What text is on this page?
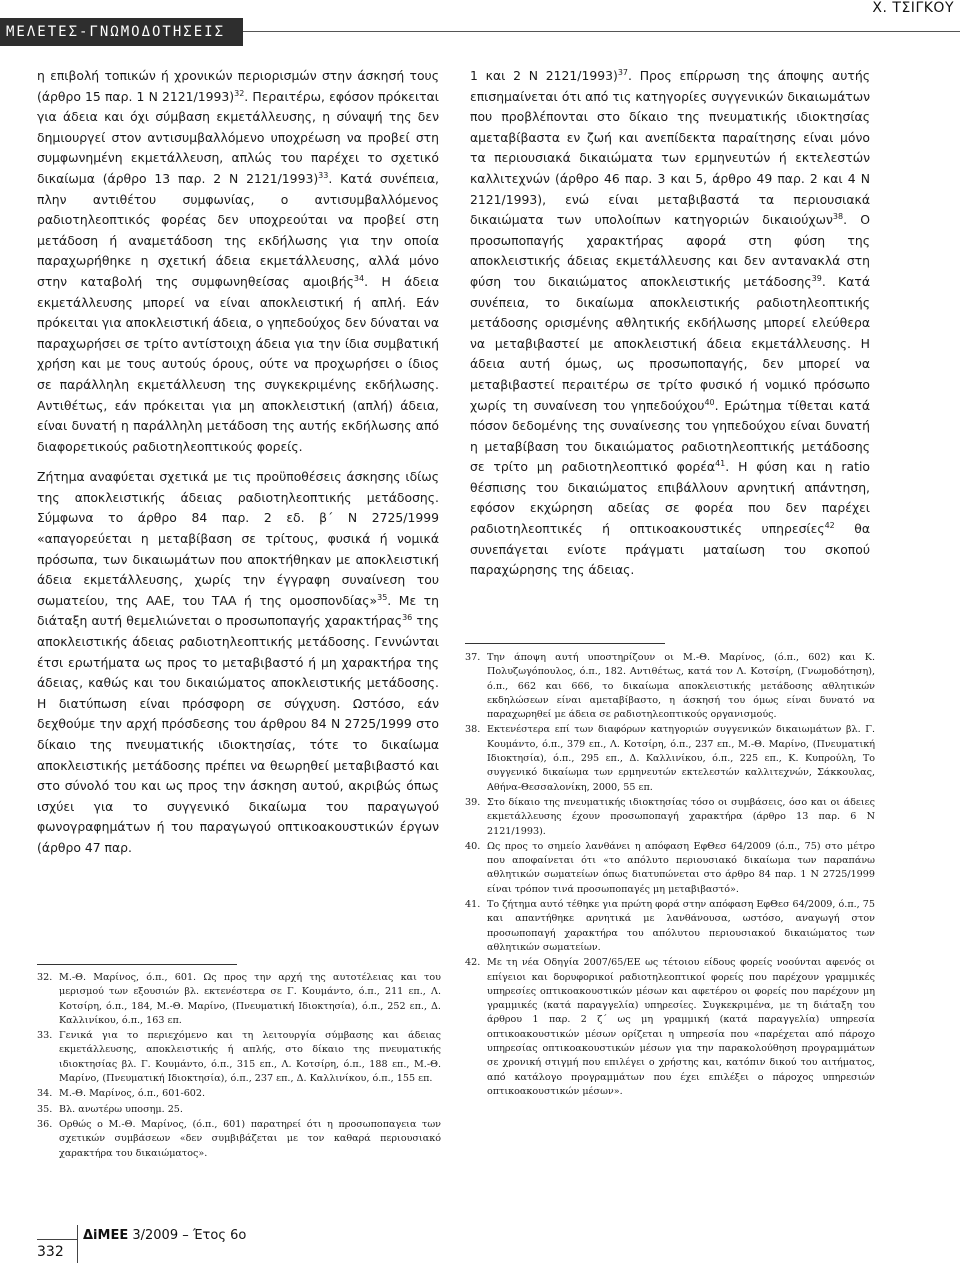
ΜΕΛΕΤΕΣ-ΓΝΩΜΟΔΟΤΗΣΕΙΣ
Χ. ΤΣΙΓΚΟΥ

η επιβολή τοπικών ή χρονικών περιορισμών στην άσκησή τους (άρθρο 15 παρ. 1 Ν 2121/1993)$^{32}$. Περαιτέρω, εφόσον πρόκειται για άδεια και όχι σύμβαση εκμετάλλευσης, η σύναψή της δεν δημιουργεί στον αντισυμβαλλόμενο υποχρέωση να προβεί στη συμφωνημένη εκμετάλλευση, απλώς του παρέχει το σχετικό δικαίωμα (άρθρο 13 παρ. 2 Ν 2121/1993)$^{33}$. Κατά συνέπεια, πλην αντιθέτου συμφωνίας, ο αντισυμβαλλόμενος ραδιοτηλεοπτικός φορέας δεν υποχρεούται να προβεί στη μετάδοση ή αναμετάδοση της εκδήλωσης για την οποία παραχωρήθηκε η σχετική άδεια εκμετάλλευσης, αλλά μόνο στην καταβολή της συμφωνηθείσας αμοιβής$^{34}$. Η άδεια εκμετάλλευσης μπορεί να είναι αποκλειστική ή απλή. Εάν πρόκειται για αποκλειστική άδεια, ο γηπεδούχος δεν δύναται να παραχωρήσει σε τρίτο αντίστοιχη άδεια για την ίδια συμβατική χρήση και με τους αυτούς όρους, ούτε να προχωρήσει ο ίδιος σε παράλληλη εκμετάλλευση της συγκεκριμένης εκδήλωσης. Αντιθέτως, εάν πρόκειται για μη αποκλειστική (απλή) άδεια, είναι δυνατή η παράλληλη μετάδοση της αυτής εκδήλωσης από διαφορετικούς ραδιοτηλεοπτικούς φορείς.

Ζήτημα αναφύεται σχετικά με τις προϋποθέσεις άσκησης ιδίως της αποκλειστικής άδειας ραδιοτηλεοπτικής μετάδοσης. Σύμφωνα το άρθρο 84 παρ. 2 εδ. β΄ Ν 2725/1999 «απαγορεύεται η μεταβίβαση σε τρίτους, φυσικά ή νομικά πρόσωπα, των δικαιωμάτων που αποκτήθηκαν με αποκλειστική άδεια εκμετάλλευσης, χωρίς την έγγραφη συναίνεση του σωματείου, της ΑΑΕ, του ΤΑΑ ή της ομοσπονδίας»$^{35}$. Με τη διάταξη αυτή θεμελιώνεται ο προσωποπαγής χαρακτήρας$^{36}$ της αποκλειστικής άδειας ραδιοτηλεοπτικής μετάδοσης. Γεννώνται έτσι ερωτήματα ως προς το μεταβιβαστό ή μη χαρακτήρα της άδειας, καθώς και του δικαιώματος αποκλειστικής μετάδοσης. Η διατύπωση είναι πρόσφορη σε σύγχυση. Ωστόσο, εάν δεχθούμε την αρχή πρόσδεσης του άρθρου 84 Ν 2725/1999 στο δίκαιο της πνευματικής ιδιοκτησίας, τότε το δικαίωμα αποκλειστικής μετάδοσης πρέπει να θεωρηθεί μεταβιβαστό και στο σύνολό του και ως προς την άσκηση αυτού, ακριβώς όπως ισχύει για το συγγενικό δικαίωμα του παραγωγού φωνογραφημάτων ή του παραγωγού οπτικοακουστικών έργων (άρθρο 47 παρ.

1 και 2 Ν 2121/1993)$^{37}$. Προς επίρρωση της άποψης αυτής επισημαίνεται ότι από τις κατηγορίες συγγενικών δικαιωμάτων που προβλέπονται στο δίκαιο της πνευματικής ιδιοκτησίας αμεταβίβαστα εν ζωή και ανεπίδεκτα παραίτησης είναι μόνο τα περιουσιακά δικαιώματα των ερμηνευτών ή εκτελεστών καλλιτεχνών (άρθρο 46 παρ. 3 και 5, άρθρο 49 παρ. 2 και 4 Ν 2121/1993), ενώ είναι μεταβιβαστά τα περιουσιακά δικαιώματα των υπολοίπων κατηγοριών δικαιούχων$^{38}$. Ο προσωποπαγής χαρακτήρας αφορά στη φύση της αποκλειστικής άδειας εκμετάλλευσης και δεν αντανακλά στη φύση του δικαιώματος αποκλειστικής μετάδοσης$^{39}$. Κατά συνέπεια, το δικαίωμα αποκλειστικής ραδιοτηλεοπτικής μετάδοσης ορισμένης αθλητικής εκδήλωσης μπορεί ελεύθερα να μεταβιβαστεί με αποκλειστική άδεια εκμετάλλευσης. Η άδεια αυτή όμως, ως προσωποπαγής, δεν μπορεί να μεταβιβαστεί περαιτέρω σε τρίτο φυσικό ή νομικό πρόσωπο χωρίς τη συναίνεση του γηπεδούχου$^{40}$. Ερώτημα τίθεται κατά πόσον δεδομένης της συναίνεσης του γηπεδούχου είναι δυνατή η μεταβίβαση του δικαιώματος ραδιοτηλεοπτικής μετάδοσης σε τρίτο μη ραδιοτηλεοπτικό φορέα$^{41}$. Η φύση και η ratio θέσπισης του δικαιώματος επιβάλλουν αρνητική απάντηση, εφόσον εκχώρηση αδείας σε φορέα που δεν παρέχει ραδιοτηλεοπτικές ή οπτικοακουστικές υπηρεσίες$^{42}$ θα συνεπάγεται ενίοτε πράγματι ματαίωση του σκοπού παραχώρησης της άδειας.

32. Μ.-Θ. Μαρίνος, ό.π., 601. Ως προς την αρχή της αυτοτέλειας και του μερισμού των εξουσιών βλ. εκτενέστερα σε Γ. Κουμάντο, ό.π., 211 επ., Λ. Κοτσίρη, ό.π., 184, Μ.-Θ. Μαρίνο, (Πνευματική Ιδιοκτησία), ό.π., 252 επ., Δ. Καλλινίκου, ό.π., 163 επ.
33. Γενικά για το περιεχόμενο και τη λειτουργία σύμβασης και άδειας εκμετάλλευσης, αποκλειστικής ή απλής, στο δίκαιο της πνευματικής ιδιοκτησίας βλ. Γ. Κουμάντο, ό.π., 315 επ., Λ. Κοτσίρη, ό.π., 188 επ., Μ.-Θ. Μαρίνο, (Πνευματική Ιδιοκτησία), ό.π., 237 επ., Δ. Καλλινίκου, ό.π., 155 επ.
34. Μ.-Θ. Μαρίνος, ό.π., 601-602.
35. Βλ. ανωτέρω υποσημ. 25.
36. Ορθώς ο Μ.-Θ. Μαρίνος, (ό.π., 601) παρατηρεί ότι η προσωποπαγεια των σχετικών συμβάσεων «δεν συμβιβάζεται με τον καθαρά περιουσιακό χαρακτήρα του δικαιώματος».
37. Την άποψη αυτή υποστηρίζουν οι Μ.-Θ. Μαρίνος, (ό.π., 602) και Κ. Πολυζωγόπουλος, ό.π., 182. Αντιθέτως, κατά τον Λ. Κοτσίρη, (Γνωμοδότηση), ό.π., 662 και 666, το δικαίωμα αποκλειστικής μετάδοσης αθλητικών εκδηλώσεων είναι αμεταβίβαστο, η άσκησή του όμως είναι δυνατό να παραχωρηθεί με άδεια σε ραδιοτηλεοπτικούς οργανισμούς.
38. Εκτενέστερα επί των διαφόρων κατηγοριών συγγενικών δικαιωμάτων βλ. Γ. Κουμάντο, ό.π., 379 επ., Λ. Κοτσίρη, ό.π., 237 επ., Μ.-Θ. Μαρίνο, (Πνευματική Ιδιοκτησία), ό.π., 295 επ., Δ. Καλλινίκου, ό.π., 225 επ., Κ. Κυπρούλη, Το συγγενικό δικαίωμα των ερμηνευτών εκτελεστών καλλιτεχνών, Σάκκουλας, Αθήνα-Θεσσαλονίκη, 2000, 55 επ.
39. Στο δίκαιο της πνευματικής ιδιοκτησίας τόσο οι συμβάσεις, όσο και οι άδειες εκμετάλλευσης έχουν προσωποπαγή χαρακτήρα (άρθρο 13 παρ. 6 Ν 2121/1993).
40. Ως προς το σημείο λανθάνει η απόφαση ΕφΘεσ 64/2009 (ό.π., 75) στο μέτρο που αποφαίνεται ότι «το απόλυτο περιουσιακό δικαίωμα των παραπάνω αθλητικών σωματείων όπως διατυπώνεται στο άρθρο 84 παρ. 1 Ν 2725/1999 είναι τρόπον τινά προσωποπαγές μη μεταβιβαστό».
41. Το ζήτημα αυτό τέθηκε για πρώτη φορά στην απόφαση ΕφΘεσ 64/2009, ό.π., 75 και απαντήθηκε αρνητικά με λανθάνουσα, ωστόσο, αναγωγή στον προσωποπαγή χαρακτήρα του απόλυτου περιουσιακού δικαιώματος των αθλητικών σωματείων.
42. Με τη νέα Οδηγία 2007/65/ΕΕ ως τέτοιου είδους φορείς νοούνται αφενός οι επίγειοι και δορυφορικοί ραδιοτηλεοπτικοί φορείς που παρέχουν γραμμικές υπηρεσίες οπτικοακουστικών μέσων και αφετέρου οι φορείς που παρέχουν μη γραμμικές (κατά παραγγελία) υπηρεσίες. Συγκεκριμένα, με τη διάταξη του άρθρου 1 παρ. 2 ζ΄ ως μη γραμμική (κατά παραγγελία) υπηρεσία οπτικοακουστικών μέσων ορίζεται η υπηρεσία που «παρέχεται από πάροχο υπηρεσίας οπτικοακουστικών μέσων για την παρακολούθηση προγραμμάτων σε χρονική στιγμή που επιλέγει ο χρήστης και, κατόπιν δικού του αιτήματος, από κατάλογο προγραμμάτων που έχει επιλέξει ο πάροχος υπηρεσιών οπτικοακουστικών μέσων».
332
ΔiΜΕΕ 3/2009 – Έτος 6ο
